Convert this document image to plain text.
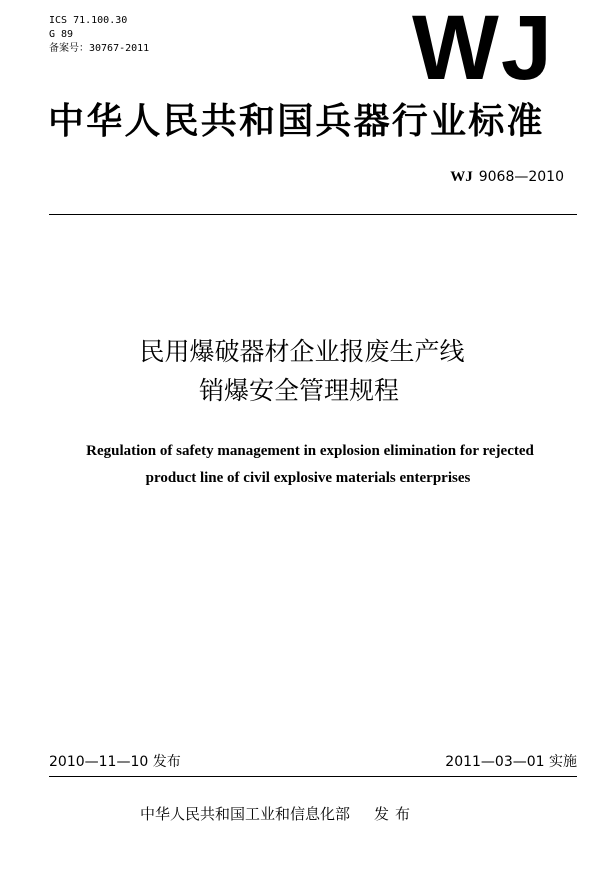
ICS 71.100.30
G 89
备案号：30767-2011	WJ
中华人民共和国兵器行业标准
WJ 9068—2010
民用爆破器材企业报废生产线
销爆安全管理规程
Regulation of safety management in explosion elimination for rejected
product line of civil explosive materials enterprises
2010—11—10 发布	2011—03—01 实施
中华人民共和国工业和信息化部 发布
